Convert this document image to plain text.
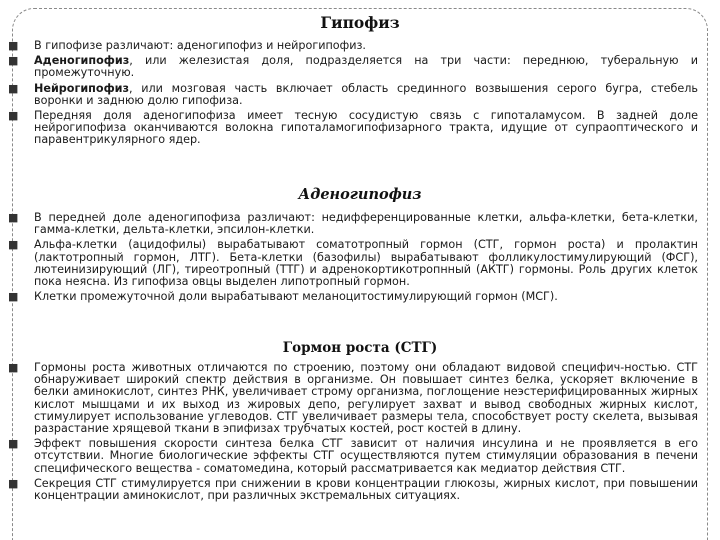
Гипофиз
■ В гипофизе различают: аденогипофиз и нейрогипофиз.
■ Аденогипофиз, или железистая доля, подразделяется на три части: переднюю, туберальную и промежуточную.
■ Нейрогипофиз, или мозговая часть включает область срединного возвышения серого бугра, стебель воронки и заднюю долю гипофиза.
■ Передняя доля аденогипофиза имеет тесную сосудистую связь с гипоталамусом. В задней доле нейрогипофиза оканчиваются волокна гипоталамогипофизарного тракта, идущие от супраоптического и паравентрикулярного ядер.
Аденогипофиз
■ В передней доле аденогипофиза различают: недифференцированные клетки, альфа-клетки, бета-клетки, гамма-клетки, дельта-клетки, эпсилон-клетки.
■ Альфа-клетки (ацидофилы) вырабатывают соматотропный гормон (СТГ, гормон роста) и пролактин (лактотропный гормон, ЛТГ). Бета-клетки (базофилы) вырабатывают фолликулостимулирующий (ФСГ), лютеинизирующий (ЛГ), тиреотропный (ТТГ) и адренокортикотропнный (АКТГ) гормоны. Роль других клеток пока неясна. Из гипофиза овцы выделен липотропный гормон.
■ Клетки промежуточной доли вырабатывают меланоцитостимулирующий гормон (МСГ).
Гормон роста (СТГ)
■ Гормоны роста животных отличаются по строению, поэтому они обладают видовой специфич-ностью. СТГ обнаруживает широкий спектр действия в организме. Он повышает синтез белка, ускоряет включение в белки аминокислот, синтез РНК, увеличивает строму организма, поглощение неэстерифицированных жирных кислот мышцами и их выход из жировых депо, регулирует захват и вывод свободных жирных кислот, стимулирует использование углеводов. СТГ увеличивает размеры тела, способствует росту скелета, вызывая разрастание хрящевой ткани в эпифизах трубчатых костей, рост костей в длину.
■ Эффект повышения скорости синтеза белка СТГ зависит от наличия инсулина и не проявляется в его отсутствии. Многие биологические эффекты СТГ осуществляются путем стимуляции образования в печени специфического вещества - соматомедина, который рассматривается как медиатор действия СТГ.
■ Секреция СТГ стимулируется при снижении в крови концентрации глюкозы, жирных кислот, при повышении концентрации аминокислот, при различных экстремальных ситуациях.
